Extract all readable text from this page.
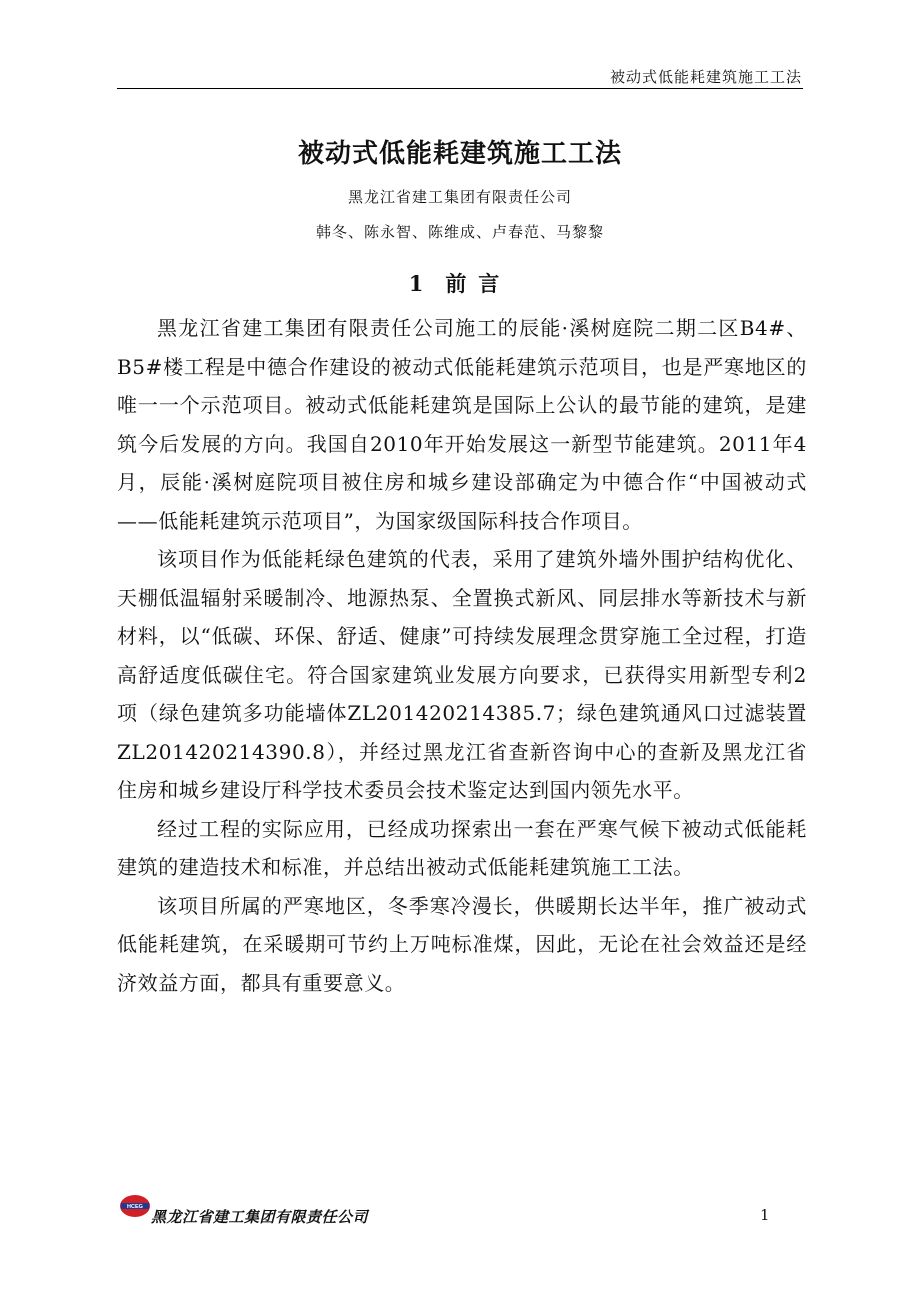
被动式低能耗建筑施工工法
被动式低能耗建筑施工工法
黑龙江省建工集团有限责任公司
韩冬、陈永智、陈维成、卢春范、马黎黎
1 前言

黑龙江省建工集团有限责任公司施工的辰能·溪树庭院二期二区B4#、B5#楼工程是中德合作建设的被动式低能耗建筑示范项目，也是严寒地区的唯一一个示范项目。被动式低能耗建筑是国际上公认的最节能的建筑，是建筑今后发展的方向。我国自2010年开始发展这一新型节能建筑。2011年4月，辰能·溪树庭院项目被住房和城乡建设部确定为中德合作“中国被动式——低能耗建筑示范项目”，为国家级国际科技合作项目。

该项目作为低能耗绿色建筑的代表，采用了建筑外墙外围护结构优化、天棚低温辐射采暖制冷、地源热泵、全置换式新风、同层排水等新技术与新材料，以“低碳、环保、舒适、健康”可持续发展理念贯穿施工全过程，打造高舒适度低碳住宅。符合国家建筑业发展方向要求，已获得实用新型专利2项（绿色建筑多功能墙体ZL201420214385.7；绿色建筑通风口过滤装置ZL201420214390.8），并经过黑龙江省查新咨询中心的查新及黑龙江省住房和城乡建设厅科学技术委员会技术鉴定达到国内领先水平。

经过工程的实际应用，已经成功探索出一套在严寒气候下被动式低能耗建筑的建造技术和标准，并总结出被动式低能耗建筑施工工法。

该项目所属的严寒地区，冬季寒冷漫长，供暖期长达半年，推广被动式低能耗建筑，在采暖期可节约上万吨标准煤，因此，无论在社会效益还是经济效益方面，都具有重要意义。

HCEG
黑龙江省建工集团有限责任公司	1
